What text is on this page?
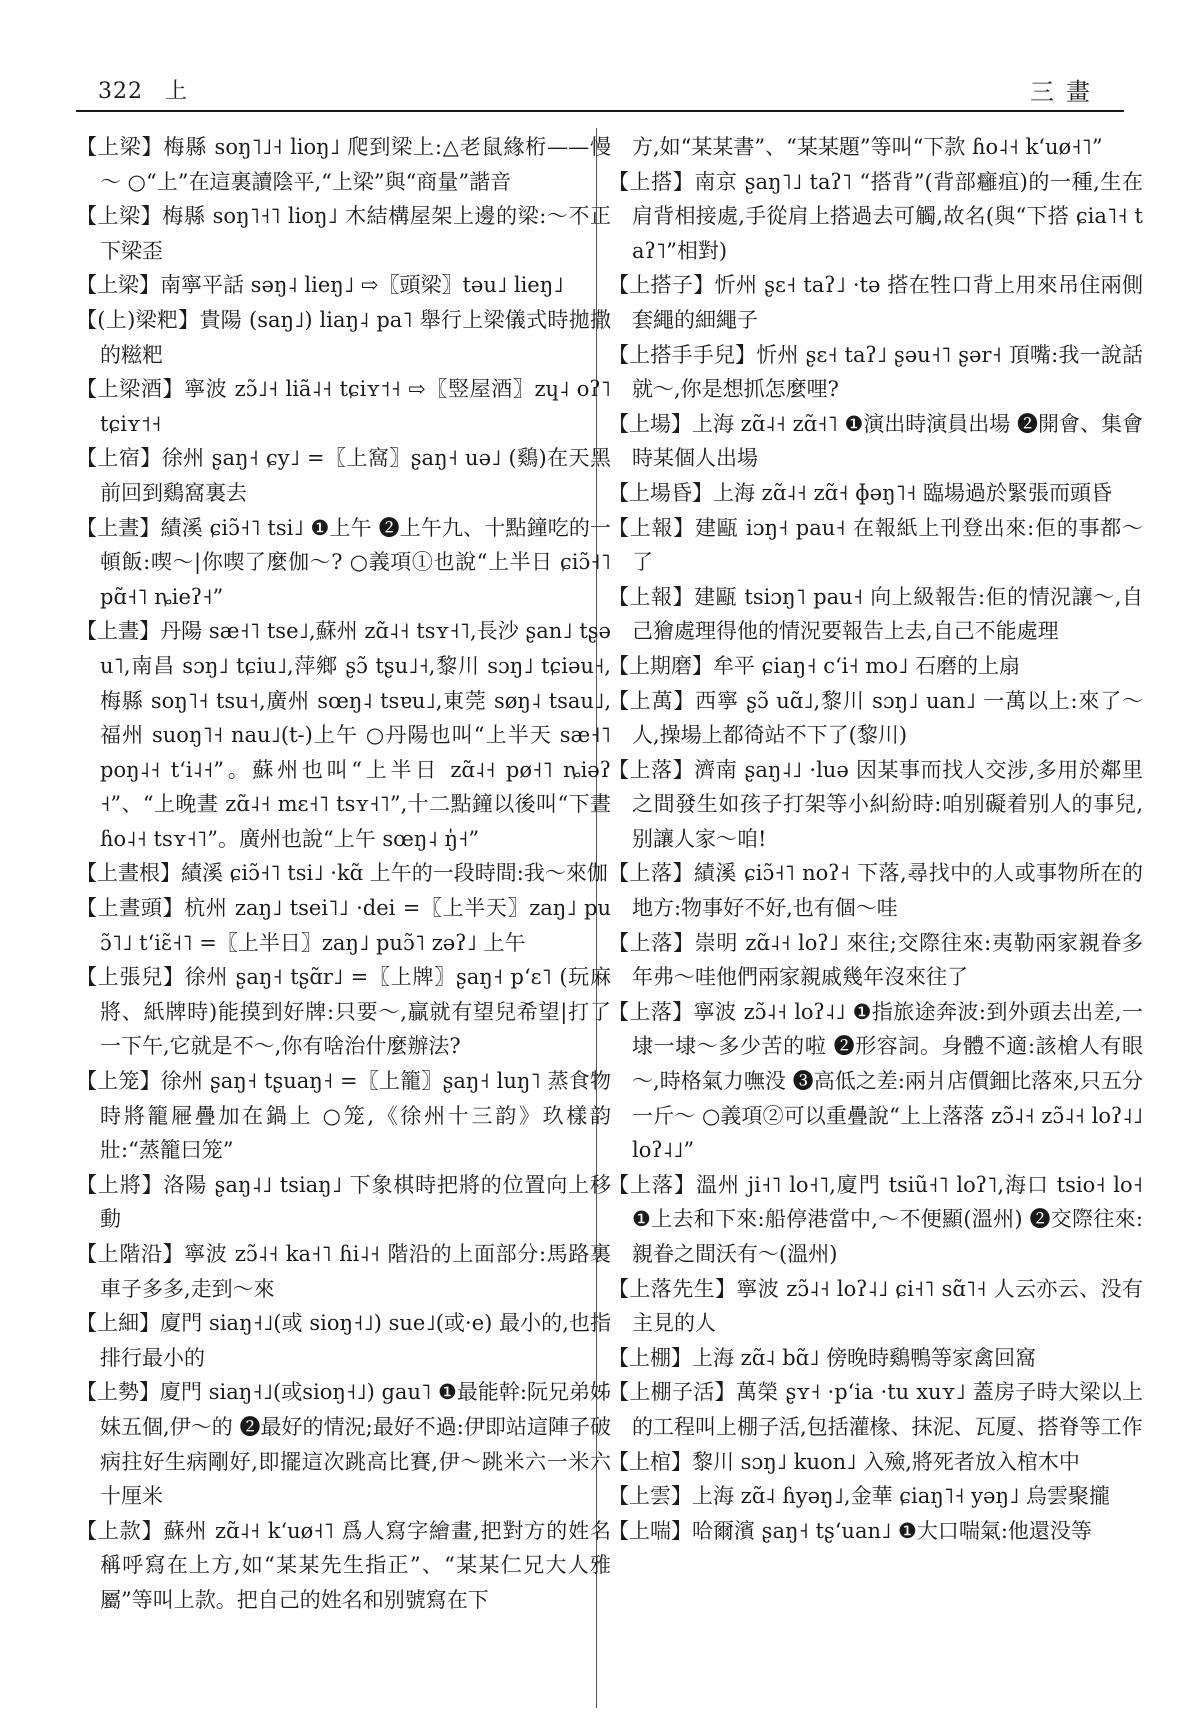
322 上	三畫

【上梁】梅縣 soŋ˥˩˧ lioŋ˩ 爬到梁上:△老鼠緣桁——慢～ ○“上”在這裏讀陰平,“上梁”與“商量”諧音

【上梁】梅縣 soŋ˥˧˥ lioŋ˩ 木結構屋架上邊的梁:～不正下梁歪

【上梁】南寧平話 səŋ˨ lieŋ˩ ⇨〖頭梁〗təu˩ lieŋ˩

【(上)梁粑】貴陽 (saŋ˩) liaŋ˨ pa˥ 舉行上梁儀式時拋撒的糍粑

【上梁酒】寧波 zɔ̃˩˧ liã˨˧ tɕiʏ˦˧ ⇨〖竪屋酒〗zɥ˨ oʔ˥ tɕiʏ˦˧

【上宿】徐州 ʂaŋ˧ ɕy˩ =〖上窩〗ʂaŋ˧ uə˩ (鷄)在天黑前回到鷄窩裏去

【上晝】績溪 ɕiɔ̃˧˥ tsi˩ ❶上午 ❷上午九、十點鐘吃的一頓飯:喫～|你喫了麼伽～? ○義項①也說“上半日 ɕiɔ̃˧˥ pɑ̃˧˥ ȵieʔ˧”

【上晝】丹陽 sæ˧˥ tse˩,蘇州 zɑ̃˨˧ tsʏ˧˥,長沙 ʂan˩ tʂəu˥,南昌 sɔŋ˩ tɕiu˩,萍鄉 ʂɔ̃ tʂu˩˧,黎川 sɔŋ˩ tɕiəu˧,梅縣 soŋ˥˧ tsu˧,廣州 sœŋ˨ tsɐu˩,東莞 søŋ˨ tsau˩,福州 suoŋ˥˧ nau˩(t-)上午 ○丹陽也叫“上半天 sæ˧˥ poŋ˨˧ tʻi˨˧”。蘇州也叫“上半日 zɑ̃˨˧ pø˧˥ ȵiəʔ˧”、“上晚晝 zɑ̃˨˧ mɛ˧˥ tsʏ˧˥”,十二點鐘以後叫“下晝 ɦo˨˧ tsʏ˧˥”。廣州也說“上午 sœŋ˨ ŋ̍˧”

【上晝根】績溪 ɕiɔ̃˧˥ tsi˩ ·kɑ̃ 上午的一段時間:我～來伽

【上晝頭】杭州 zaŋ˩ tsei˥˩ ·dei =〖上半天〗zaŋ˩ puɔ̃˥˩ tʻiɛ̃˧˥ =〖上半日〗zaŋ˩ puɔ̃˥ zəʔ˩ 上午

【上張兒】徐州 ʂaŋ˧ tʂɑ̃r˩ =〖上牌〗ʂaŋ˧ pʻɛ˥ (玩麻將、紙牌時)能摸到好牌:只要～,贏就有望兒希望|打了一下午,它就是不～,你有啥治什麼辦法?

【上笼】徐州 ʂaŋ˧ tʂuaŋ˧ =〖上籠〗ʂaŋ˧ luŋ˥ 蒸食物時將籠屜疊加在鍋上 ○笼,《徐州十三韵》玖樣韵壯:“蒸籠曰笼”

【上將】洛陽 ʂaŋ˨˩ tsiaŋ˩ 下象棋時把將的位置向上移動

【上階沿】寧波 zɔ̃˨˧ ka˧˥ ɦi˨˧ 階沿的上面部分:馬路裏車子多多,走到～來

【上細】廈門 siaŋ˧˩(或 sioŋ˧˩) sue˩(或·e) 最小的,也指排行最小的

【上勢】廈門 siaŋ˧˩(或sioŋ˧˩) gau˥ ❶最能幹:阮兄弟姊妹五個,伊～的 ❷最好的情況;最好不過:伊即站這陣子破病拄好生病剛好,即擺這次跳高比賽,伊～跳米六一米六十厘米

【上款】蘇州 zɑ̃˨˧ kʻuø˧˥ 爲人寫字繪畫,把對方的姓名稱呼寫在上方,如“某某先生指正”、“某某仁兄大人雅屬”等叫上款。把自己的姓名和别號寫在下

方,如“某某書”、“某某題”等叫“下款 ɦo˨˧ kʻuø˧˥”

【上搭】南京 ʂaŋ˥˩ taʔ˥ “搭背”(背部癰疽)的一種,生在肩背相接處,手從肩上搭過去可觸,故名(與“下搭 ɕia˥˧ taʔ˥”相對)

【上搭子】忻州 ʂɛ˧ taʔ˩ ·tə 搭在牲口背上用來吊住兩側套繩的細繩子

【上搭手手兒】忻州 ʂɛ˧ taʔ˩ ʂəu˧˥ ʂər˧ 頂嘴:我一說話就～,你是想抓怎麼哩?

【上場】上海 zɑ̃˨˧ zɑ̃˧˥ ❶演出時演員出場 ❷開會、集會時某個人出場

【上場昏】上海 zɑ̃˨˧ zɑ̃˧ ɸəŋ˥˧ 臨場過於緊張而頭昏

【上報】建甌 iɔŋ˧ pau˧ 在報紙上刊登出來:佢的事都～了

【上報】建甌 tsiɔŋ˥ pau˧ 向上級報告:佢的情況讓～,自己獪處理得他的情況要報告上去,自己不能處理

【上期磨】牟平 ɕiaŋ˧ cʻi˧ mo˩ 石磨的上扇

【上萬】西寧 ʂɔ̃ uɑ̃˩,黎川 sɔŋ˩ uan˩ 一萬以上:來了～人,操場上都徛站不下了(黎川)

【上落】濟南 ʂaŋ˨˩ ·luə 因某事而找人交涉,多用於鄰里之間發生如孩子打架等小糾紛時:咱别礙着别人的事兒,别讓人家～咱!

【上落】績溪 ɕiɔ̃˧˥ noʔ˧ 下落,尋找中的人或事物所在的地方:物事好不好,也有個～哇

【上落】崇明 zɑ̃˨˧ loʔ˩ 來往;交際往來:夷勒兩家親眷多年弗～哇他們兩家親戚幾年沒來往了

【上落】寧波 zɔ̃˨˧ loʔ˨˩ ❶指旅途奔波:到外頭去出差,一埭一埭～多少苦的啦 ❷形容詞。身體不適:該槍人有眼～,時格氣力嘸没 ❸高低之差:兩爿店價鈿比落來,只五分一斤～ ○義項②可以重疊說“上上落落 zɔ̃˨˧ zɔ̃˨˧ loʔ˨˩ loʔ˨˩”

【上落】溫州 ji˧˥ lo˧˥,廈門 tsiũ˧˥ loʔ˥,海口 tsio˧ lo˧ ❶上去和下來:船停港當中,～不便顯(溫州) ❷交際往來:親眷之間沃有～(溫州)

【上落先生】寧波 zɔ̃˨˧ loʔ˨˩ ɕi˧˥ sɑ̃˥˧ 人云亦云、没有主見的人

【上棚】上海 zɑ̃˨ bɑ̃˩ 傍晚時鷄鴨等家禽回窩

【上棚子活】萬榮 ʂʏ˧ ·pʻia ·tu xuʏ˩ 蓋房子時大梁以上的工程叫上棚子活,包括灌椽、抹泥、瓦厦、搭脊等工作

【上棺】黎川 sɔŋ˩ kuon˩ 入殮,將死者放入棺木中

【上雲】上海 zɑ̃˨ ɦyəŋ˩,金華 ɕiaŋ˥˧ yəŋ˩ 烏雲聚攏

【上喘】哈爾濱 ʂaŋ˧ tʂʻuan˩ ❶大口喘氣:他還没等
